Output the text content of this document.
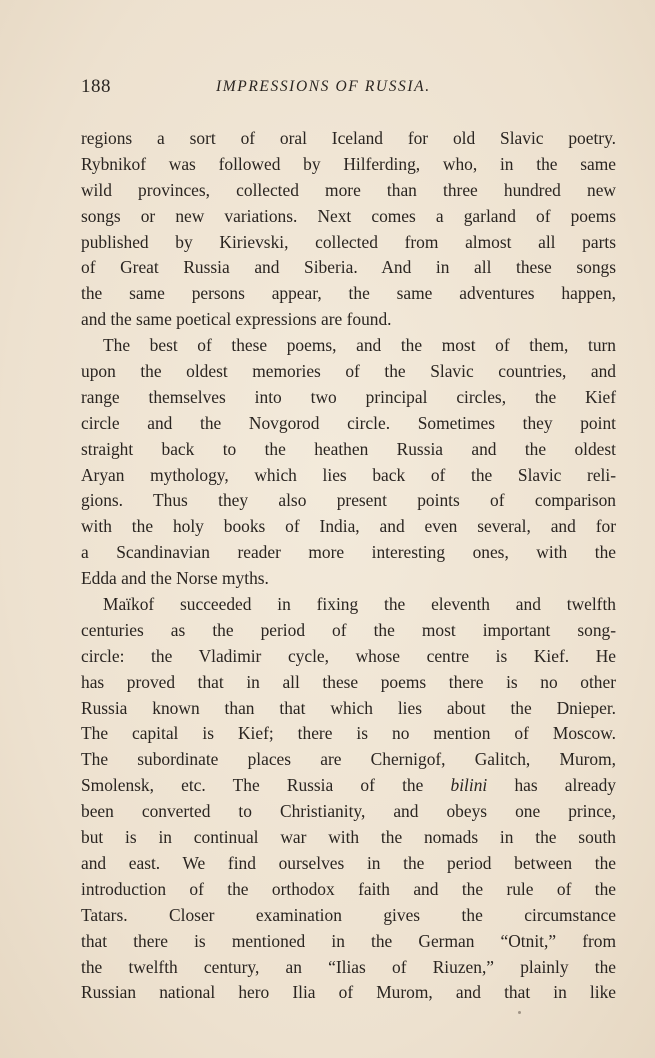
188	IMPRESSIONS OF RUSSIA.
regions a sort of oral Iceland for old Slavic poetry.
Rybnikof was followed by Hilferding, who, in the same
wild provinces, collected more than three hundred new
songs or new variations. Next comes a garland of poems
published by Kirievski, collected from almost all parts
of Great Russia and Siberia. And in all these songs
the same persons appear, the same adventures happen,
and the same poetical expressions are found.
The best of these poems, and the most of them, turn
upon the oldest memories of the Slavic countries, and
range themselves into two principal circles, the Kief
circle and the Novgorod circle. Sometimes they point
straight back to the heathen Russia and the oldest
Aryan mythology, which lies back of the Slavic reli-
gions. Thus they also present points of comparison
with the holy books of India, and even several, and for
a Scandinavian reader more interesting ones, with the
Edda and the Norse myths.
Maïkof succeeded in fixing the eleventh and twelfth
centuries as the period of the most important song-
circle: the Vladimir cycle, whose centre is Kief. He
has proved that in all these poems there is no other
Russia known than that which lies about the Dnieper.
The capital is Kief; there is no mention of Moscow.
The subordinate places are Chernigof, Galitch, Murom,
Smolensk, etc. The Russia of the bilini has already
been converted to Christianity, and obeys one prince,
but is in continual war with the nomads in the south
and east. We find ourselves in the period between the
introduction of the orthodox faith and the rule of the
Tatars. Closer examination gives the circumstance
that there is mentioned in the German “Otnit,” from
the twelfth century, an “Ilias of Riuzen,” plainly the
Russian national hero Ilia of Murom, and that in like
